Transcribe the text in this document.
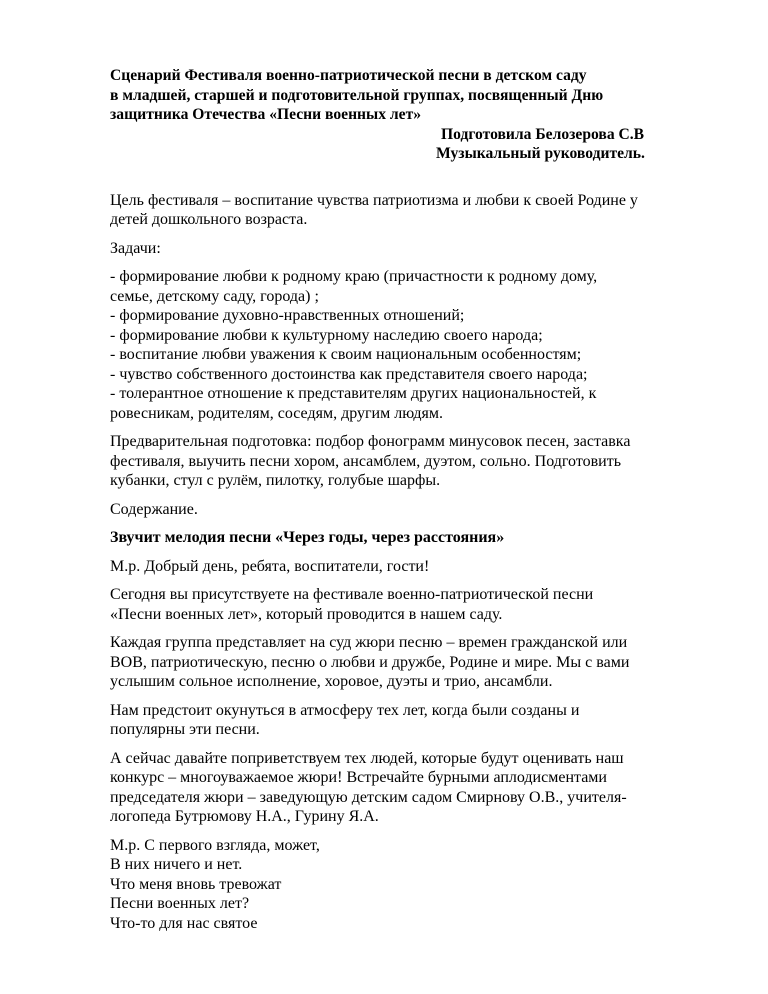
Сценарий Фестиваля военно-патриотической песни в детском саду
в младшей, старшей и подготовительной группах, посвященный Дню
защитника Отечества «Песни военных лет»
Подготовила Белозерова С.В
Музыкальный руководитель.

Цель фестиваля – воспитание чувства патриотизма и любви к своей Родине у
детей дошкольного возраста.

Задачи:

- формирование любви к родному краю (причастности к родному дому,
семье, детскому саду, города) ;
- формирование духовно-нравственных отношений;
- формирование любви к культурному наследию своего народа;
- воспитание любви уважения к своим национальным особенностям;
- чувство собственного достоинства как представителя своего народа;
- толерантное отношение к представителям других национальностей, к
ровесникам, родителям, соседям, другим людям.

Предварительная подготовка: подбор фонограмм минусовок песен, заставка
фестиваля, выучить песни хором, ансамблем, дуэтом, сольно. Подготовить
кубанки, стул с рулём, пилотку, голубые шарфы.

Содержание.

Звучит мелодия песни «Через годы, через расстояния»

М.р. Добрый день, ребята, воспитатели, гости!

Сегодня вы присутствуете на фестивале военно-патриотической песни
«Песни военных лет», который проводится в нашем саду.

Каждая группа представляет на суд жюри песню – времен гражданской или
ВОВ, патриотическую, песню о любви и дружбе, Родине и мире. Мы с вами
услышим сольное исполнение, хоровое, дуэты и трио, ансамбли.

Нам предстоит окунуться в атмосферу тех лет, когда были созданы и
популярны эти песни.

А сейчас давайте поприветствуем тех людей, которые будут оценивать наш
конкурс – многоуважаемое жюри! Встречайте бурными аплодисментами
председателя жюри – заведующую детским садом Смирнову О.В., учителя-
логопеда Бутрюмову Н.А., Гурину Я.А.

М.р. С первого взгляда, может,
В них ничего и нет.
Что меня вновь тревожат
Песни военных лет?
Что-то для нас святое
